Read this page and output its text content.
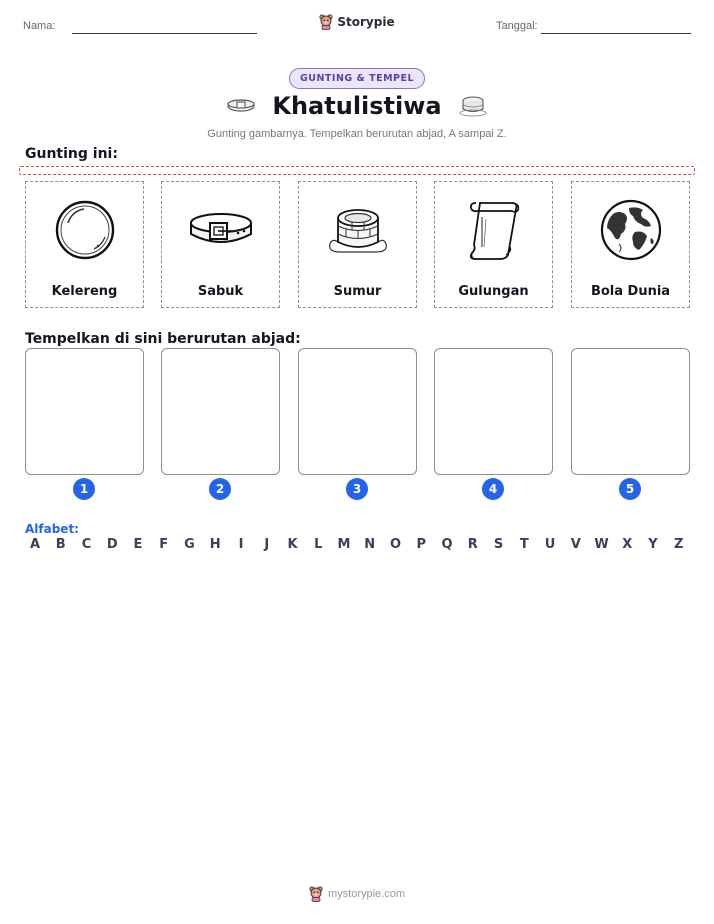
Nama:	Storypie	Tanggal:
GUNTING & TEMPEL
Khatulistiwa
Gunting gambarnya. Tempelkan berurutan abjad, A sampai Z.
Gunting ini:
Kelereng	Sabuk	Sumur	Gulungan	Bola Dunia
Tempelkan di sini berurutan abjad:
1	2	3	4	5
Alfabet:
A	B	C	D	E	F	G	H	I	J	K	L	M	N	O	P	Q	R	S	T	U	V	W	X	Y	Z
mystorypie.com
